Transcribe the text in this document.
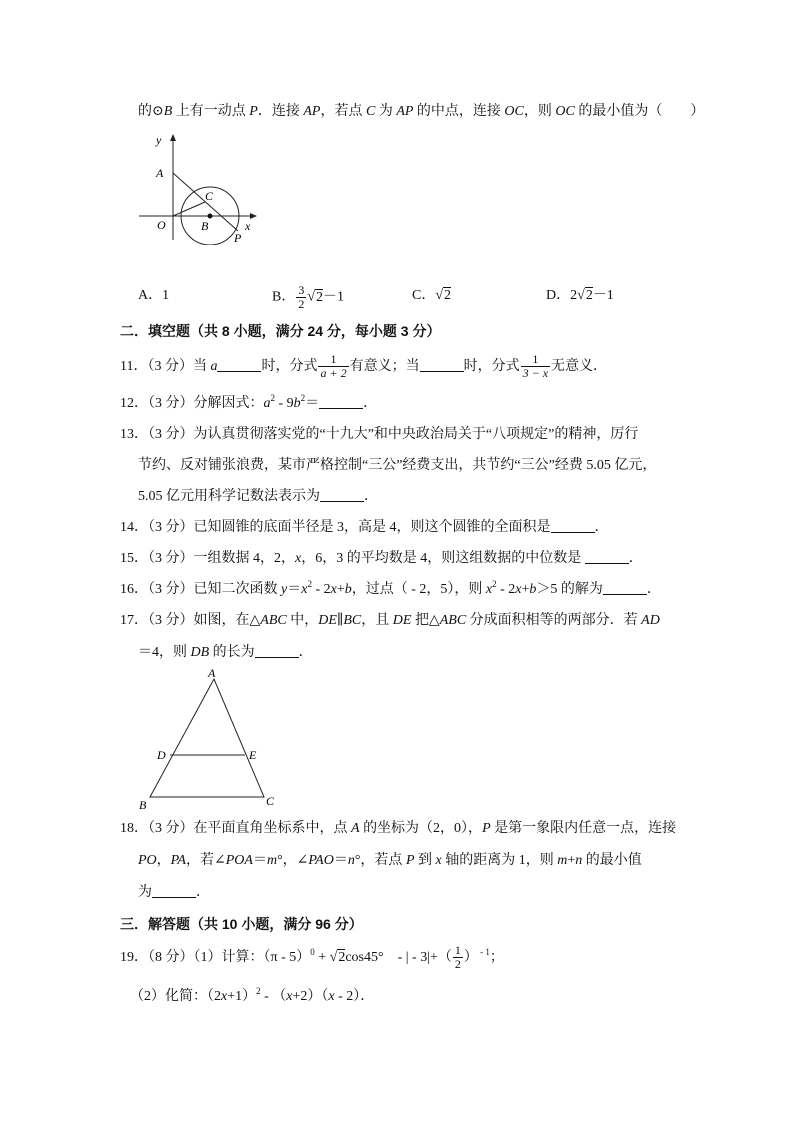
的⊙B 上有一动点 P．连接 AP，若点 C 为 AP 的中点，连接 OC，则 OC 的最小值为（　　）
y
A
C
O	B	x
P
A．1	B． $\frac{3}{2} √2-1$	C．√2	D．2√2－1
二．填空题（共 8 小题，满分 24 分，每小题 3 分）
11．（3 分）当 a	时，分式 $\frac{1}{a + 2}$ 有意义；当	时，分式 $\frac{1}{3 - x}$ 无意义．
12．（3 分）分解因式：$a^2 - 9b^2=$	．
13．（3 分）为认真贯彻落实党的“十九大”和中央政治局关于“八项规定”的精神，厉行
节约、反对铺张浪费，某市严格控制“三公”经费支出，共节约“三公”经费 5.05 亿元，
5.05 亿元用科学记数法表示为	．
14．（3 分）已知圆锥的底面半径是 3，高是 4，则这个圆锥的全面积是	．
15．（3 分）一组数据 4，2，x，6，3 的平均数是 4，则这组数据的中位数是	．
16．（3 分）已知二次函数 $y=x^2 - 2x+b$，过点（ - 2，5），则 $x^2 - 2x+b>5$ 的解为	．
17．（3 分）如图，在△ABC 中，DE∥BC，且 DE 把△ABC 分成面积相等的两部分．若 AD
＝4，则 DB 的长为	．
A
D	E
B	C
18．（3 分）在平面直角坐标系中，点 A 的坐标为（2，0），P 是第一象限内任意一点，连接
PO，PA，若∠POA＝m°，∠PAO＝n°，若点 P 到 x 轴的距离为 1，则 m+n 的最小值
为	．
三．解答题（共 10 小题，满分 96 分）
19．（8 分）（1）计算：（π - 5）$^0$ + √2cos45°　- | - $3|+( \frac{1}{2}$ ） $^{- 1}$；
（2）化简：$(2x+1)^2 - (x+2)(x - 2)$．
